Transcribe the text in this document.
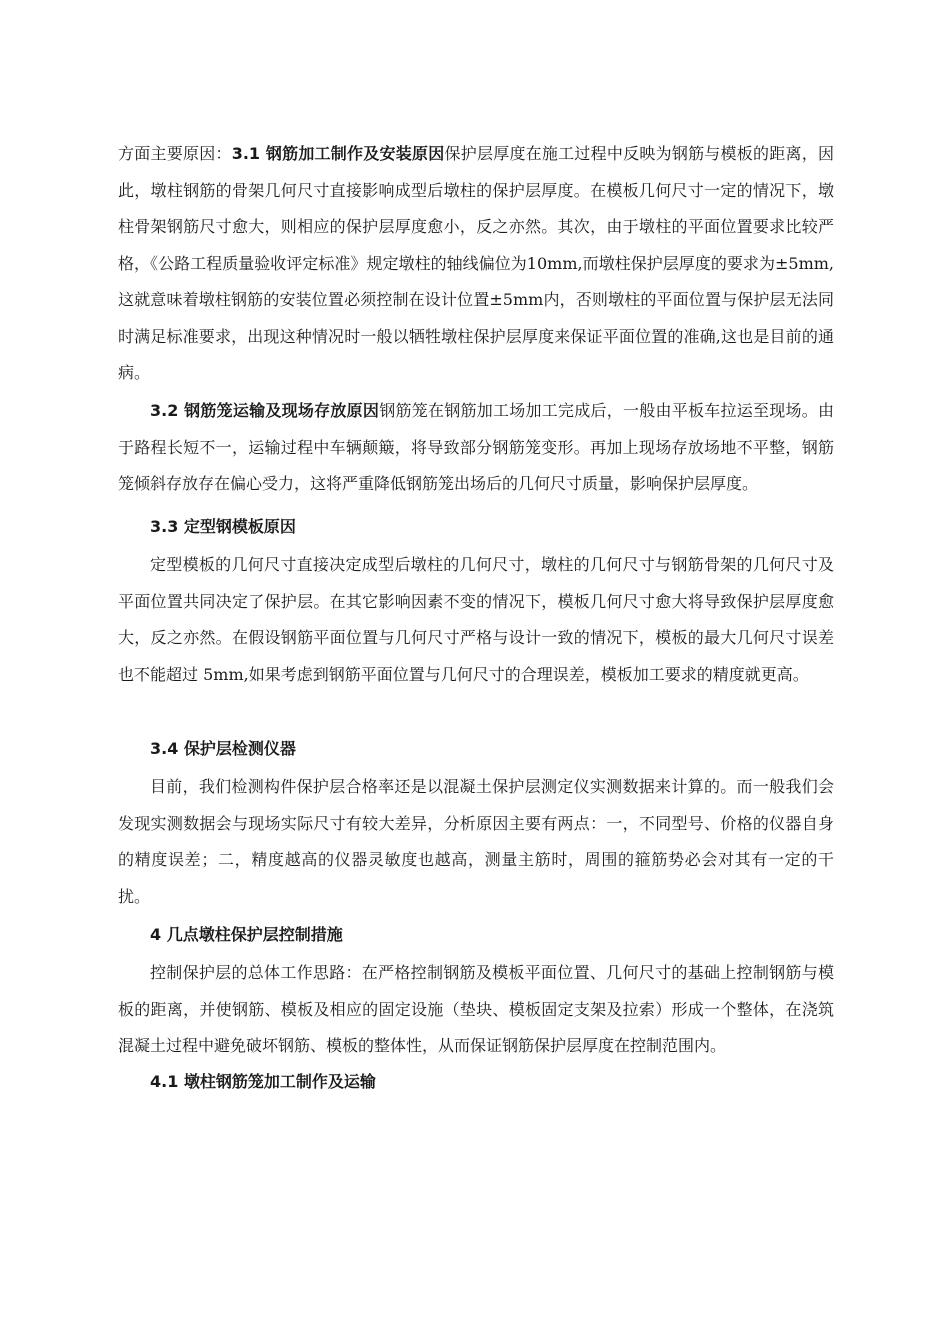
方面主要原因：3.1 钢筋加工制作及安装原因保护层厚度在施工过程中反映为钢筋与模板的距离，因此，墩柱钢筋的骨架几何尺寸直接影响成型后墩柱的保护层厚度。在模板几何尺寸一定的情况下，墩柱骨架钢筋尺寸愈大，则相应的保护层厚度愈小，反之亦然。其次，由于墩柱的平面位置要求比较严格，《公路工程质量验收评定标准》规定墩柱的轴线偏位为10mm,而墩柱保护层厚度的要求为±5mm,这就意味着墩柱钢筋的安装位置必须控制在设计位置±5mm内，否则墩柱的平面位置与保护层无法同时满足标准要求，出现这种情况时一般以牺牲墩柱保护层厚度来保证平面位置的准确,这也是目前的通病。

3.2 钢筋笼运输及现场存放原因钢筋笼在钢筋加工场加工完成后，一般由平板车拉运至现场。由于路程长短不一，运输过程中车辆颠簸，将导致部分钢筋笼变形。再加上现场存放场地不平整，钢筋笼倾斜存放存在偏心受力，这将严重降低钢筋笼出场后的几何尺寸质量，影响保护层厚度。

3.3 定型钢模板原因

定型模板的几何尺寸直接决定成型后墩柱的几何尺寸，墩柱的几何尺寸与钢筋骨架的几何尺寸及平面位置共同决定了保护层。在其它影响因素不变的情况下，模板几何尺寸愈大将导致保护层厚度愈大，反之亦然。在假设钢筋平面位置与几何尺寸严格与设计一致的情况下，模板的最大几何尺寸误差也不能超过 5mm,如果考虑到钢筋平面位置与几何尺寸的合理误差，模板加工要求的精度就更高。

3.4 保护层检测仪器

目前，我们检测构件保护层合格率还是以混凝土保护层测定仪实测数据来计算的。而一般我们会发现实测数据会与现场实际尺寸有较大差异，分析原因主要有两点：一，不同型号、价格的仪器自身的精度误差；二，精度越高的仪器灵敏度也越高，测量主筋时，周围的箍筋势必会对其有一定的干扰。

4 几点墩柱保护层控制措施

控制保护层的总体工作思路：在严格控制钢筋及模板平面位置、几何尺寸的基础上控制钢筋与模板的距离，并使钢筋、模板及相应的固定设施（垫块、模板固定支架及拉索）形成一个整体，在浇筑混凝土过程中避免破坏钢筋、模板的整体性，从而保证钢筋保护层厚度在控制范围内。

4.1 墩柱钢筋笼加工制作及运输
